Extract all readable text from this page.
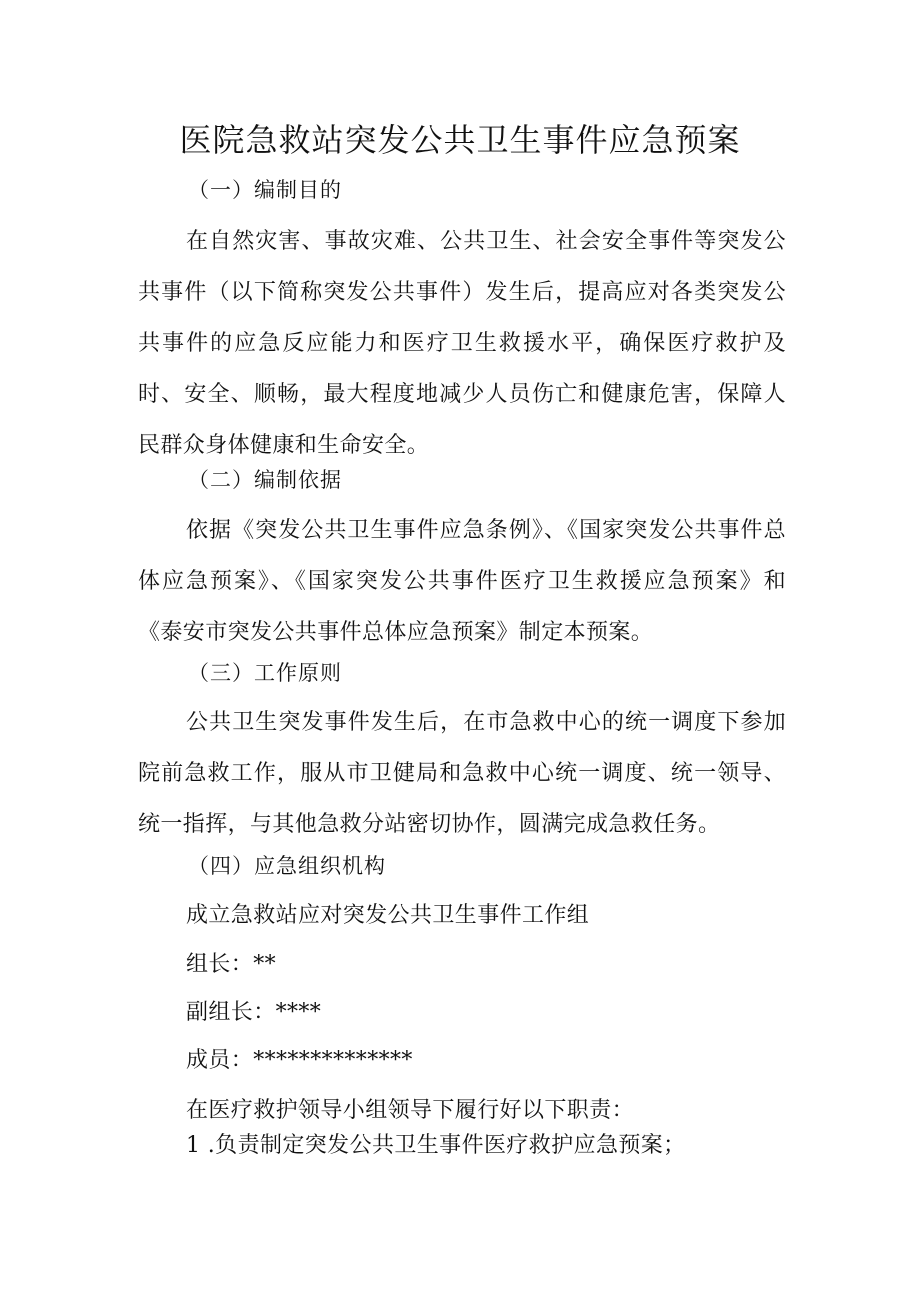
医院急救站突发公共卫生事件应急预案
（一）编制目的

在自然灾害、事故灾难、公共卫生、社会安全事件等突发公共事件（以下简称突发公共事件）发生后，提高应对各类突发公共事件的应急反应能力和医疗卫生救援水平，确保医疗救护及时、安全、顺畅，最大程度地减少人员伤亡和健康危害，保障人民群众身体健康和生命安全。

（二）编制依据

依据《突发公共卫生事件应急条例》、《国家突发公共事件总体应急预案》、《国家突发公共事件医疗卫生救援应急预案》和《泰安市突发公共事件总体应急预案》制定本预案。

（三）工作原则

公共卫生突发事件发生后，在市急救中心的统一调度下参加院前急救工作，服从市卫健局和急救中心统一调度、统一领导、统一指挥，与其他急救分站密切协作，圆满完成急救任务。

（四）应急组织机构

成立急救站应对突发公共卫生事件工作组

组长：**

副组长：****

成员：**************

在医疗救护领导小组领导下履行好以下职责：

1 .负责制定突发公共卫生事件医疗救护应急预案；
